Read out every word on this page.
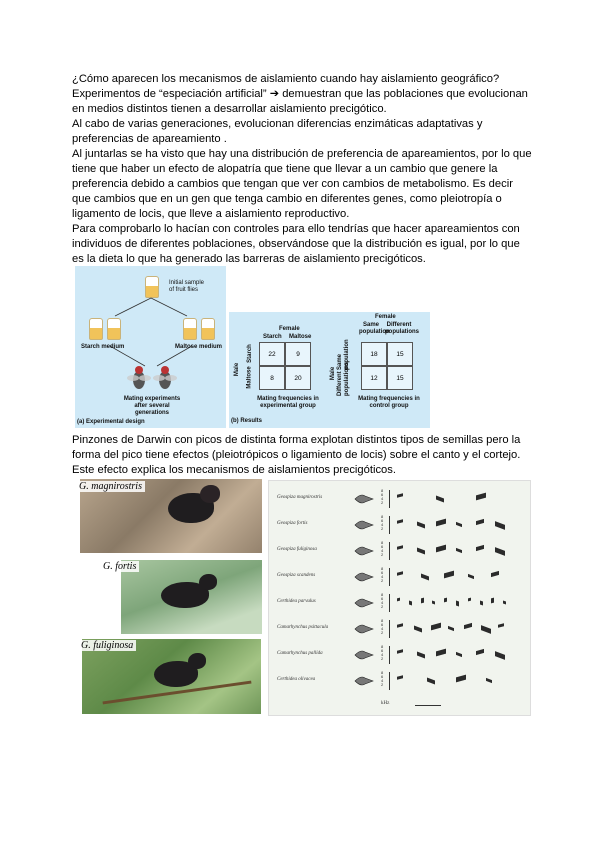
¿Cómo aparecen los mecanismos de aislamiento cuando hay aislamiento geográfico?

Experimentos de “especiación artificial” ➔ demuestran que las poblaciones que evolucionan en medios distintos tienen a desarrollar aislamiento precigótico.

Al cabo de varias generaciones, evolucionan diferencias enzimáticas adaptativas y preferencias de apareamiento .

Al juntarlas se ha visto que hay una distribución de preferencia de apareamientos, por lo que tiene que haber un efecto de alopatría que tiene que llevar a un cambio que genere la preferencia debido a cambios que tengan que ver con cambios de metabolismo. Es decir que cambios que en un gen que tenga cambio en diferentes genes, como pleiotropía o ligamento de locis, que lleve a aislamiento reproductivo.

Para comprobarlo lo hacían con controles para ello tendrías que hacer apareamientos con individuos de diferentes poblaciones, observándose que la distribución es igual, por lo que es la dieta lo que ha generado las barreras de aislamiento precigóticos.

Initial sample of fruit flies
Starch medium	Maltose medium
Mating experiments after several generations
(a) Experimental design
Female
Starch Maltose
Male
Starch
Maltose
22	9
8	20
Mating frequencies in experimental group
Female
Same population
Different populations
Male
Same population
Different populations
18	15
12	15
Mating frequencies in control group
(b) Results

Pinzones de Darwin con picos de distinta forma explotan distintos tipos de semillas pero la forma del pico tiene efectos (pleiotrópicos o ligamiento de locis) sobre el canto y el cortejo. Este efecto explica los mecanismos de aislamientos precigóticos.

G. magnirostris
G. fortis
G. fuliginosa
Geospiza magnirostris
8
6
4
2
Geospiza fortis
8
6
4
2
Geospiza fuliginosa
8
6
4
2
Geospiza scandens
8
6
4
2
Certhidea parvulus
8
6
4
2
Camarhynchus psittacula
8
6
4
2
Camarhynchus pallida
8
6
4
2
Certhidea olivacea
8
6
4
2
kHz
